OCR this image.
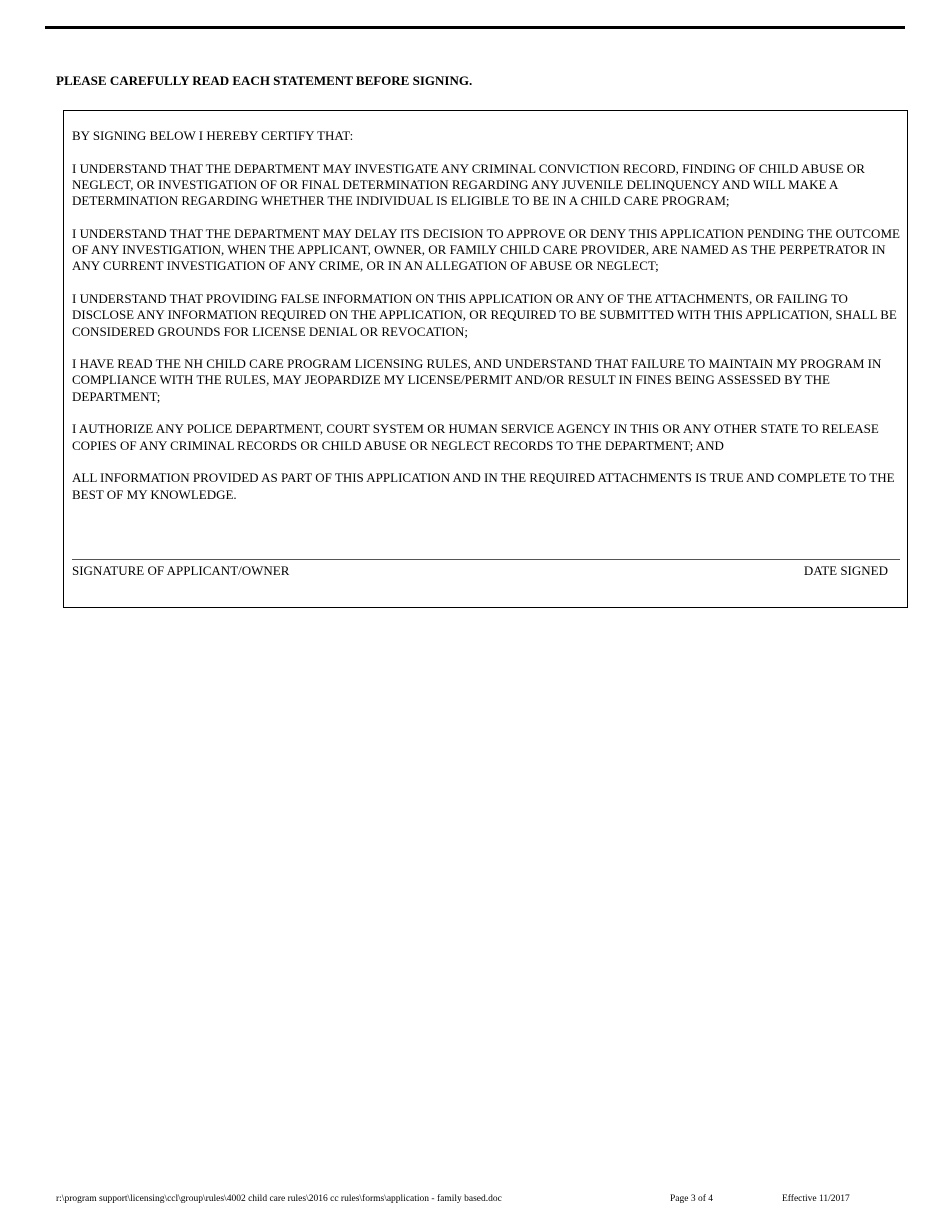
PLEASE CAREFULLY READ EACH STATEMENT BEFORE SIGNING.

BY SIGNING BELOW I HEREBY CERTIFY THAT:

I UNDERSTAND THAT THE DEPARTMENT MAY INVESTIGATE ANY CRIMINAL CONVICTION RECORD, FINDING OF CHILD ABUSE OR NEGLECT, OR INVESTIGATION OF OR FINAL DETERMINATION REGARDING ANY JUVENILE DELINQUENCY AND WILL MAKE A DETERMINATION REGARDING WHETHER THE INDIVIDUAL IS ELIGIBLE TO BE IN A CHILD CARE PROGRAM;

I UNDERSTAND THAT THE DEPARTMENT MAY DELAY ITS DECISION TO APPROVE OR DENY THIS APPLICATION PENDING THE OUTCOME OF ANY INVESTIGATION, WHEN THE APPLICANT, OWNER, OR FAMILY CHILD CARE PROVIDER, ARE NAMED AS THE PERPETRATOR IN ANY CURRENT INVESTIGATION OF ANY CRIME, OR IN AN ALLEGATION OF ABUSE OR NEGLECT;

I UNDERSTAND THAT PROVIDING FALSE INFORMATION ON THIS APPLICATION OR ANY OF THE ATTACHMENTS, OR FAILING TO DISCLOSE ANY INFORMATION REQUIRED ON THE APPLICATION, OR REQUIRED TO BE SUBMITTED WITH THIS APPLICATION, SHALL BE CONSIDERED GROUNDS FOR LICENSE DENIAL OR REVOCATION;

I HAVE READ THE NH CHILD CARE PROGRAM LICENSING RULES, AND UNDERSTAND THAT FAILURE TO MAINTAIN MY PROGRAM IN COMPLIANCE WITH THE RULES, MAY JEOPARDIZE MY LICENSE/PERMIT AND/OR RESULT IN FINES BEING ASSESSED BY THE DEPARTMENT;

I AUTHORIZE ANY POLICE DEPARTMENT, COURT SYSTEM OR HUMAN SERVICE AGENCY IN THIS OR ANY OTHER STATE TO RELEASE COPIES OF ANY CRIMINAL RECORDS OR CHILD ABUSE OR NEGLECT RECORDS TO THE DEPARTMENT; AND

ALL INFORMATION PROVIDED AS PART OF THIS APPLICATION AND IN THE REQUIRED ATTACHMENTS IS TRUE AND COMPLETE TO THE BEST OF MY KNOWLEDGE.

SIGNATURE OF APPLICANT/OWNER	DATE SIGNED
r:\program support\licensing\ccl\group\rules\4002 child care rules\2016 cc rules\forms\application - family based.doc	Page 3 of 4	Effective 11/2017
